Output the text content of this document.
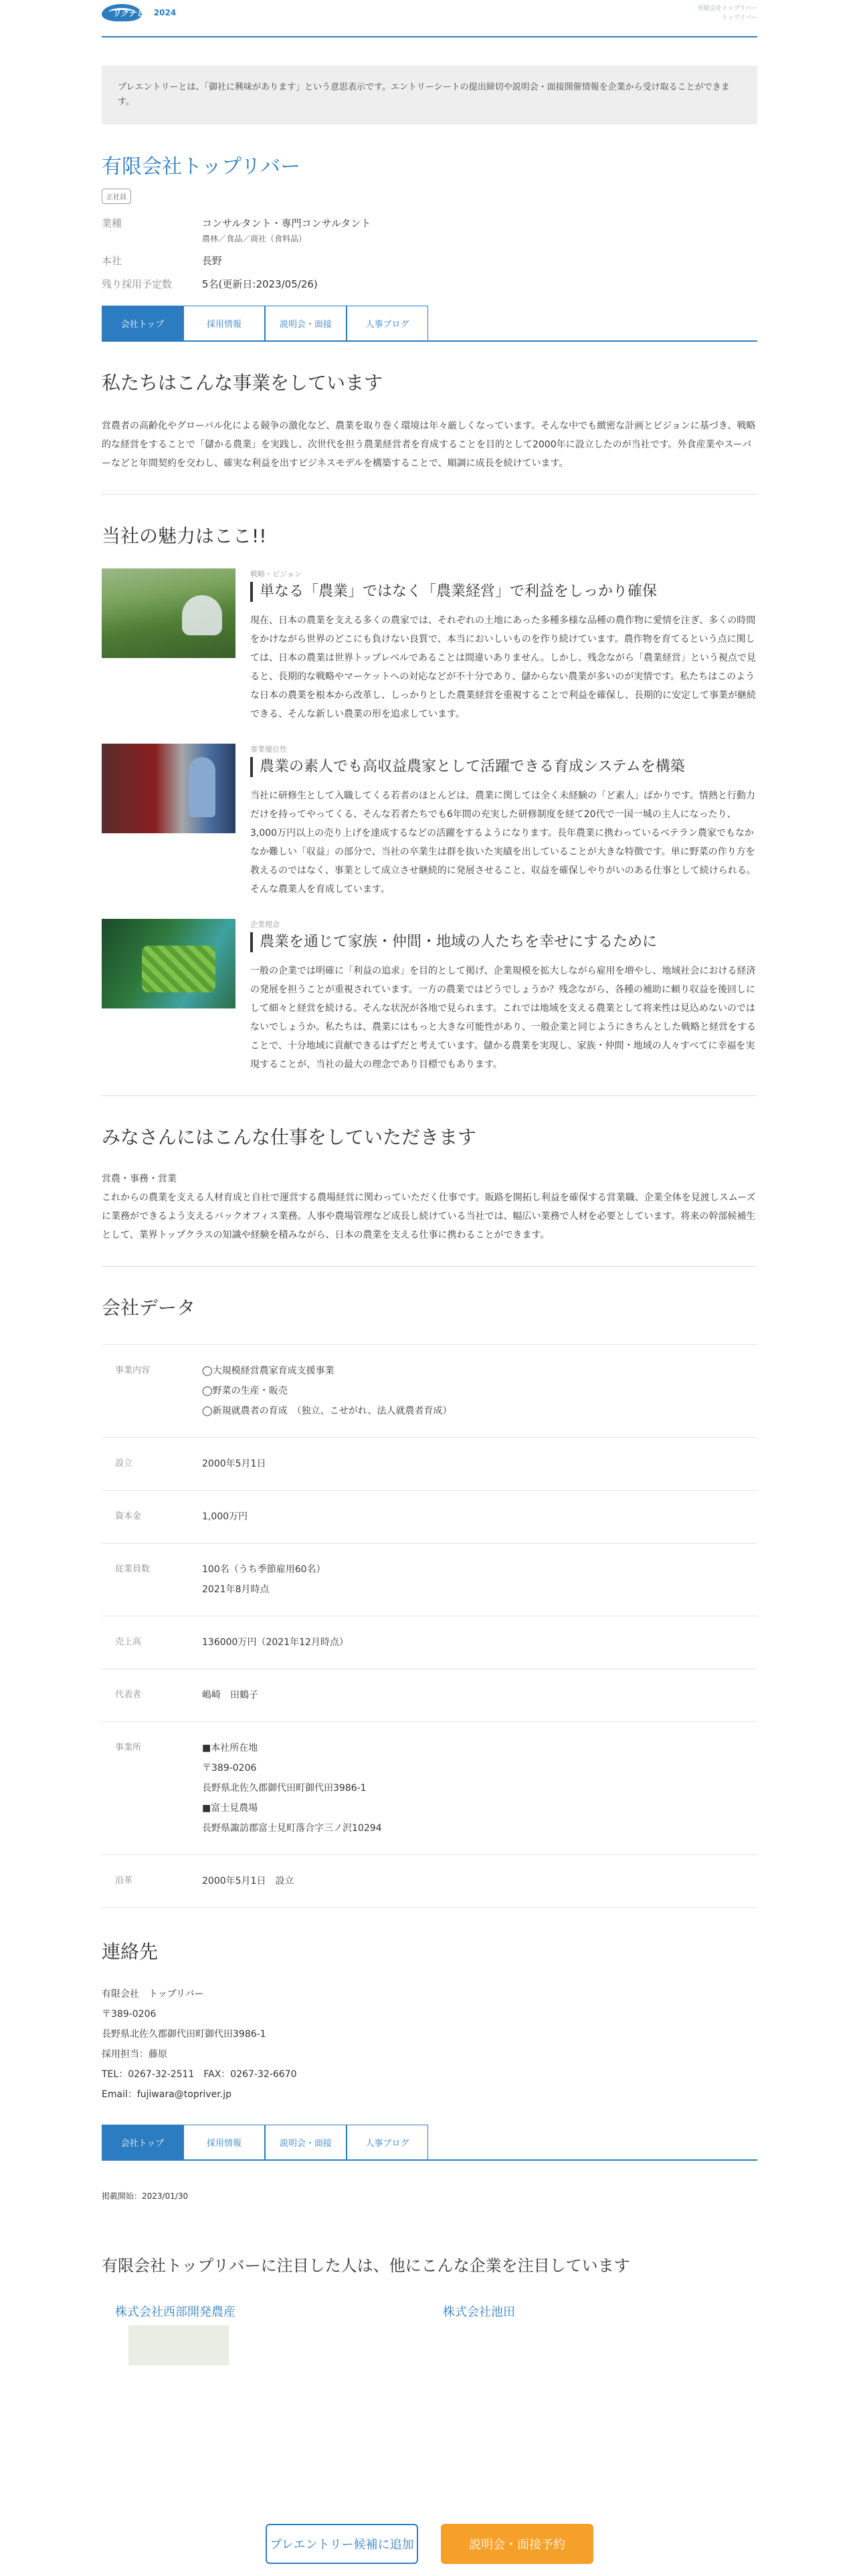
リクナビ 2024	有限会社トップリバー
トップリバー
プレエントリーとは、「御社に興味があります」という意思表示です。エントリーシートの提出締切や説明会・面接開催情報を企業から受け取ることができます。
有限会社トップリバー
正社員
業種	コンサルタント・専門コンサルタント
農林／食品／商社（食料品）
本社	長野
残り採用予定数	5名(更新日:2023/05/26)
会社トップ	採用情報	説明会・面接	人事ブログ
私たちはこんな事業をしています

営農者の高齢化やグローバル化による競争の激化など、農業を取り巻く環境は年々厳しくなっています。そんな中でも緻密な計画とビジョンに基づき、戦略的な経営をすることで「儲かる農業」を実践し、次世代を担う農業経営者を育成することを目的として2000年に設立したのが当社です。外食産業やスーパーなどと年間契約を交わし、確実な利益を出すビジネスモデルを構築することで、順調に成長を続けています。

当社の魅力はここ!!
戦略・ビジョン
単なる「農業」ではなく「農業経営」で利益をしっかり確保
現在、日本の農業を支える多くの農家では、それぞれの土地にあった多種多様な品種の農作物に愛情を注ぎ、多くの時間をかけながら世界のどこにも負けない良質で、本当においしいものを作り続けています。農作物を育てるという点に関しては、日本の農業は世界トップレベルであることは間違いありません。しかし、残念ながら「農業経営」という視点で見ると、長期的な戦略やマーケットへの対応などが不十分であり、儲からない農業が多いのが実情です。私たちはこのような日本の農業を根本から改革し、しっかりとした農業経営を重視することで利益を確保し、長期的に安定して事業が継続できる、そんな新しい農業の形を追求しています。
事業優位性
農業の素人でも高収益農家として活躍できる育成システムを構築
当社に研修生として入職してくる若者のほとんどは、農業に関しては全く未経験の「ど素人」ばかりです。情熱と行動力だけを持ってやってくる、そんな若者たちでも6年間の充実した研修制度を経て20代で一国一城の主人になったり、3,000万円以上の売り上げを達成するなどの活躍をするようになります。長年農業に携わっているベテラン農家でもなかなか難しい「収益」の部分で、当社の卒業生は群を抜いた実績を出していることが大きな特徴です。単に野菜の作り方を教えるのではなく、事業として成立させ継続的に発展させること、収益を確保しやりがいのある仕事として続けられる。そんな農業人を育成しています。
企業理念
農業を通じて家族・仲間・地域の人たちを幸せにするために
一般の企業では明確に「利益の追求」を目的として掲げ、企業規模を拡大しながら雇用を増やし、地域社会における経済の発展を担うことが重視されています。一方の農業ではどうでしょうか？残念ながら、各種の補助に頼り収益を後回しにして細々と経営を続ける。そんな状況が各地で見られます。これでは地域を支える農業として将来性は見込めないのではないでしょうか。私たちは、農業にはもっと大きな可能性があり、一般企業と同じようにきちんとした戦略と経営をすることで、十分地域に貢献できるはずだと考えています。儲かる農業を実現し、家族・仲間・地域の人々すべてに幸福を実現することが、当社の最大の理念であり目標でもあります。
みなさんにはこんな仕事をしていただきます
営農・事務・営業
これからの農業を支える人材育成と自社で運営する農場経営に関わっていただく仕事です。販路を開拓し利益を確保する営業職、企業全体を見渡しスムーズに業務ができるよう支えるバックオフィス業務。人事や農場管理など成長し続けている当社では、幅広い業務で人材を必要としています。将来の幹部候補生として、業界トップクラスの知識や経験を積みながら、日本の農業を支える仕事に携わることができます。
会社データ
事業内容	◯大規模経営農家育成支援事業
◯野菜の生産・販売
◯新規就農者の育成　（独立、こせがれ、法人就農者育成）
設立	2000年5月1日
資本金	1,000万円
従業員数	100名（うち季節雇用60名）
2021年8月時点
売上高	136000万円（2021年12月時点）
代表者	嶋崎　田鶴子
事業所	■本社所在地
〒389-0206
長野県北佐久郡御代田町御代田3986-1
■富士見農場
長野県諏訪郡富士見町落合字三ノ沢10294
沿革	2000年5月1日　設立
連絡先
有限会社　トップリバー
〒389-0206
長野県北佐久郡御代田町御代田3986-1
採用担当：藤原
TEL：0267-32-2511　FAX：0267-32-6670
Email：fujiwara@topriver.jp
会社トップ	採用情報	説明会・面接	人事ブログ
掲載開始：2023/01/30
有限会社トップリバーに注目した人は、他にこんな企業を注目しています
株式会社西部開発農産	株式会社池田
プレエントリー候補に追加	説明会・面接予約
